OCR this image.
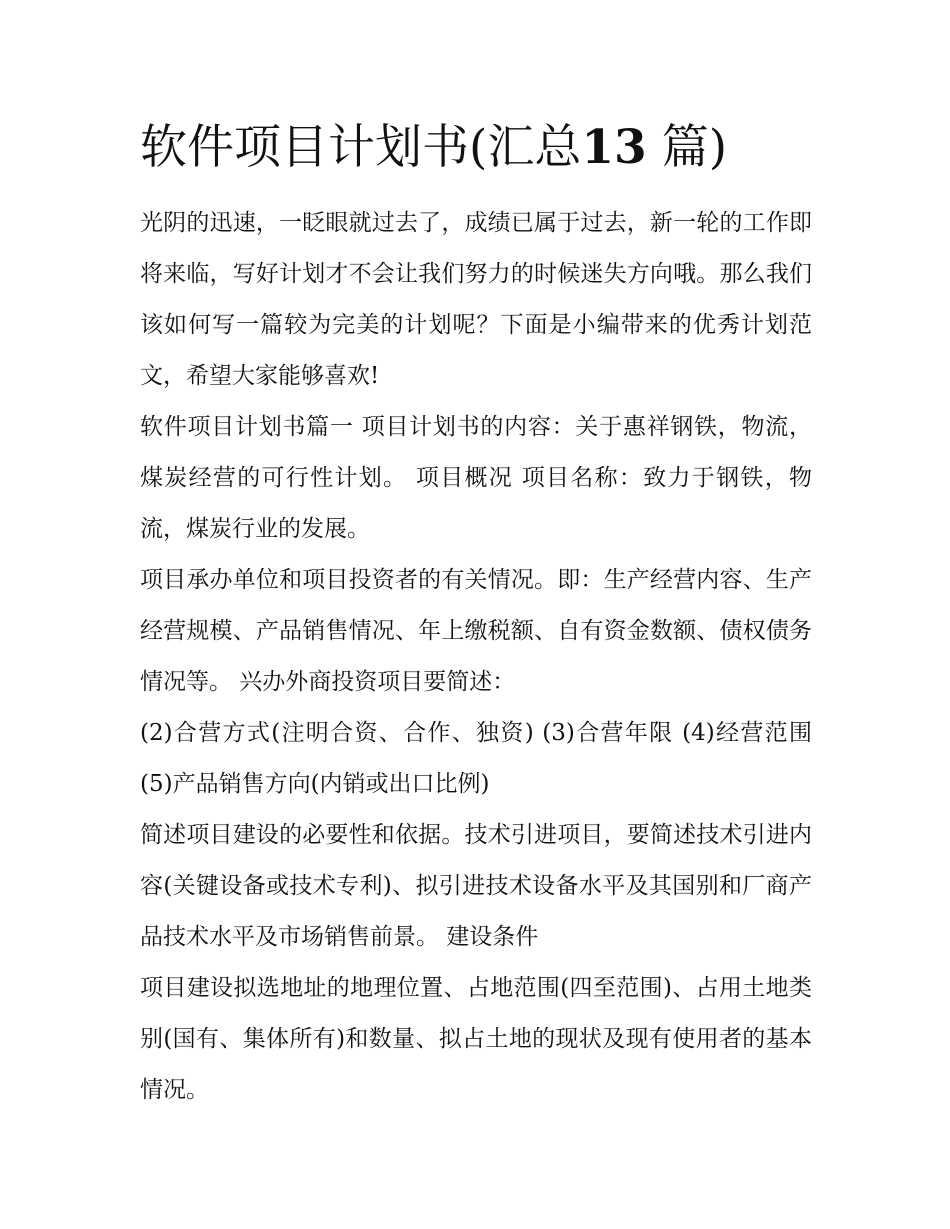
软件项目计划书(汇总13 篇)

光阴的迅速，一眨眼就过去了，成绩已属于过去，新一轮的工作即将来临，写好计划才不会让我们努力的时候迷失方向哦。那么我们该如何写一篇较为完美的计划呢？下面是小编带来的优秀计划范文，希望大家能够喜欢!

软件项目计划书篇一 项目计划书的内容：关于惠祥钢铁，物流，煤炭经营的可行性计划。 项目概况 项目名称：致力于钢铁，物流，煤炭行业的发展。

项目承办单位和项目投资者的有关情况。即：生产经营内容、生产经营规模、产品销售情况、年上缴税额、自有资金数额、债权债务情况等。 兴办外商投资项目要简述：

(2)合营方式(注明合资、合作、独资) (3)合营年限 (4)经营范围 (5)产品销售方向(内销或出口比例)

简述项目建设的必要性和依据。技术引进项目，要简述技术引进内容(关键设备或技术专利)、拟引进技术设备水平及其国别和厂商产品技术水平及市场销售前景。 建设条件

项目建设拟选地址的地理位置、占地范围(四至范围)、占用土地类别(国有、集体所有)和数量、拟占土地的现状及现有使用者的基本情况。
